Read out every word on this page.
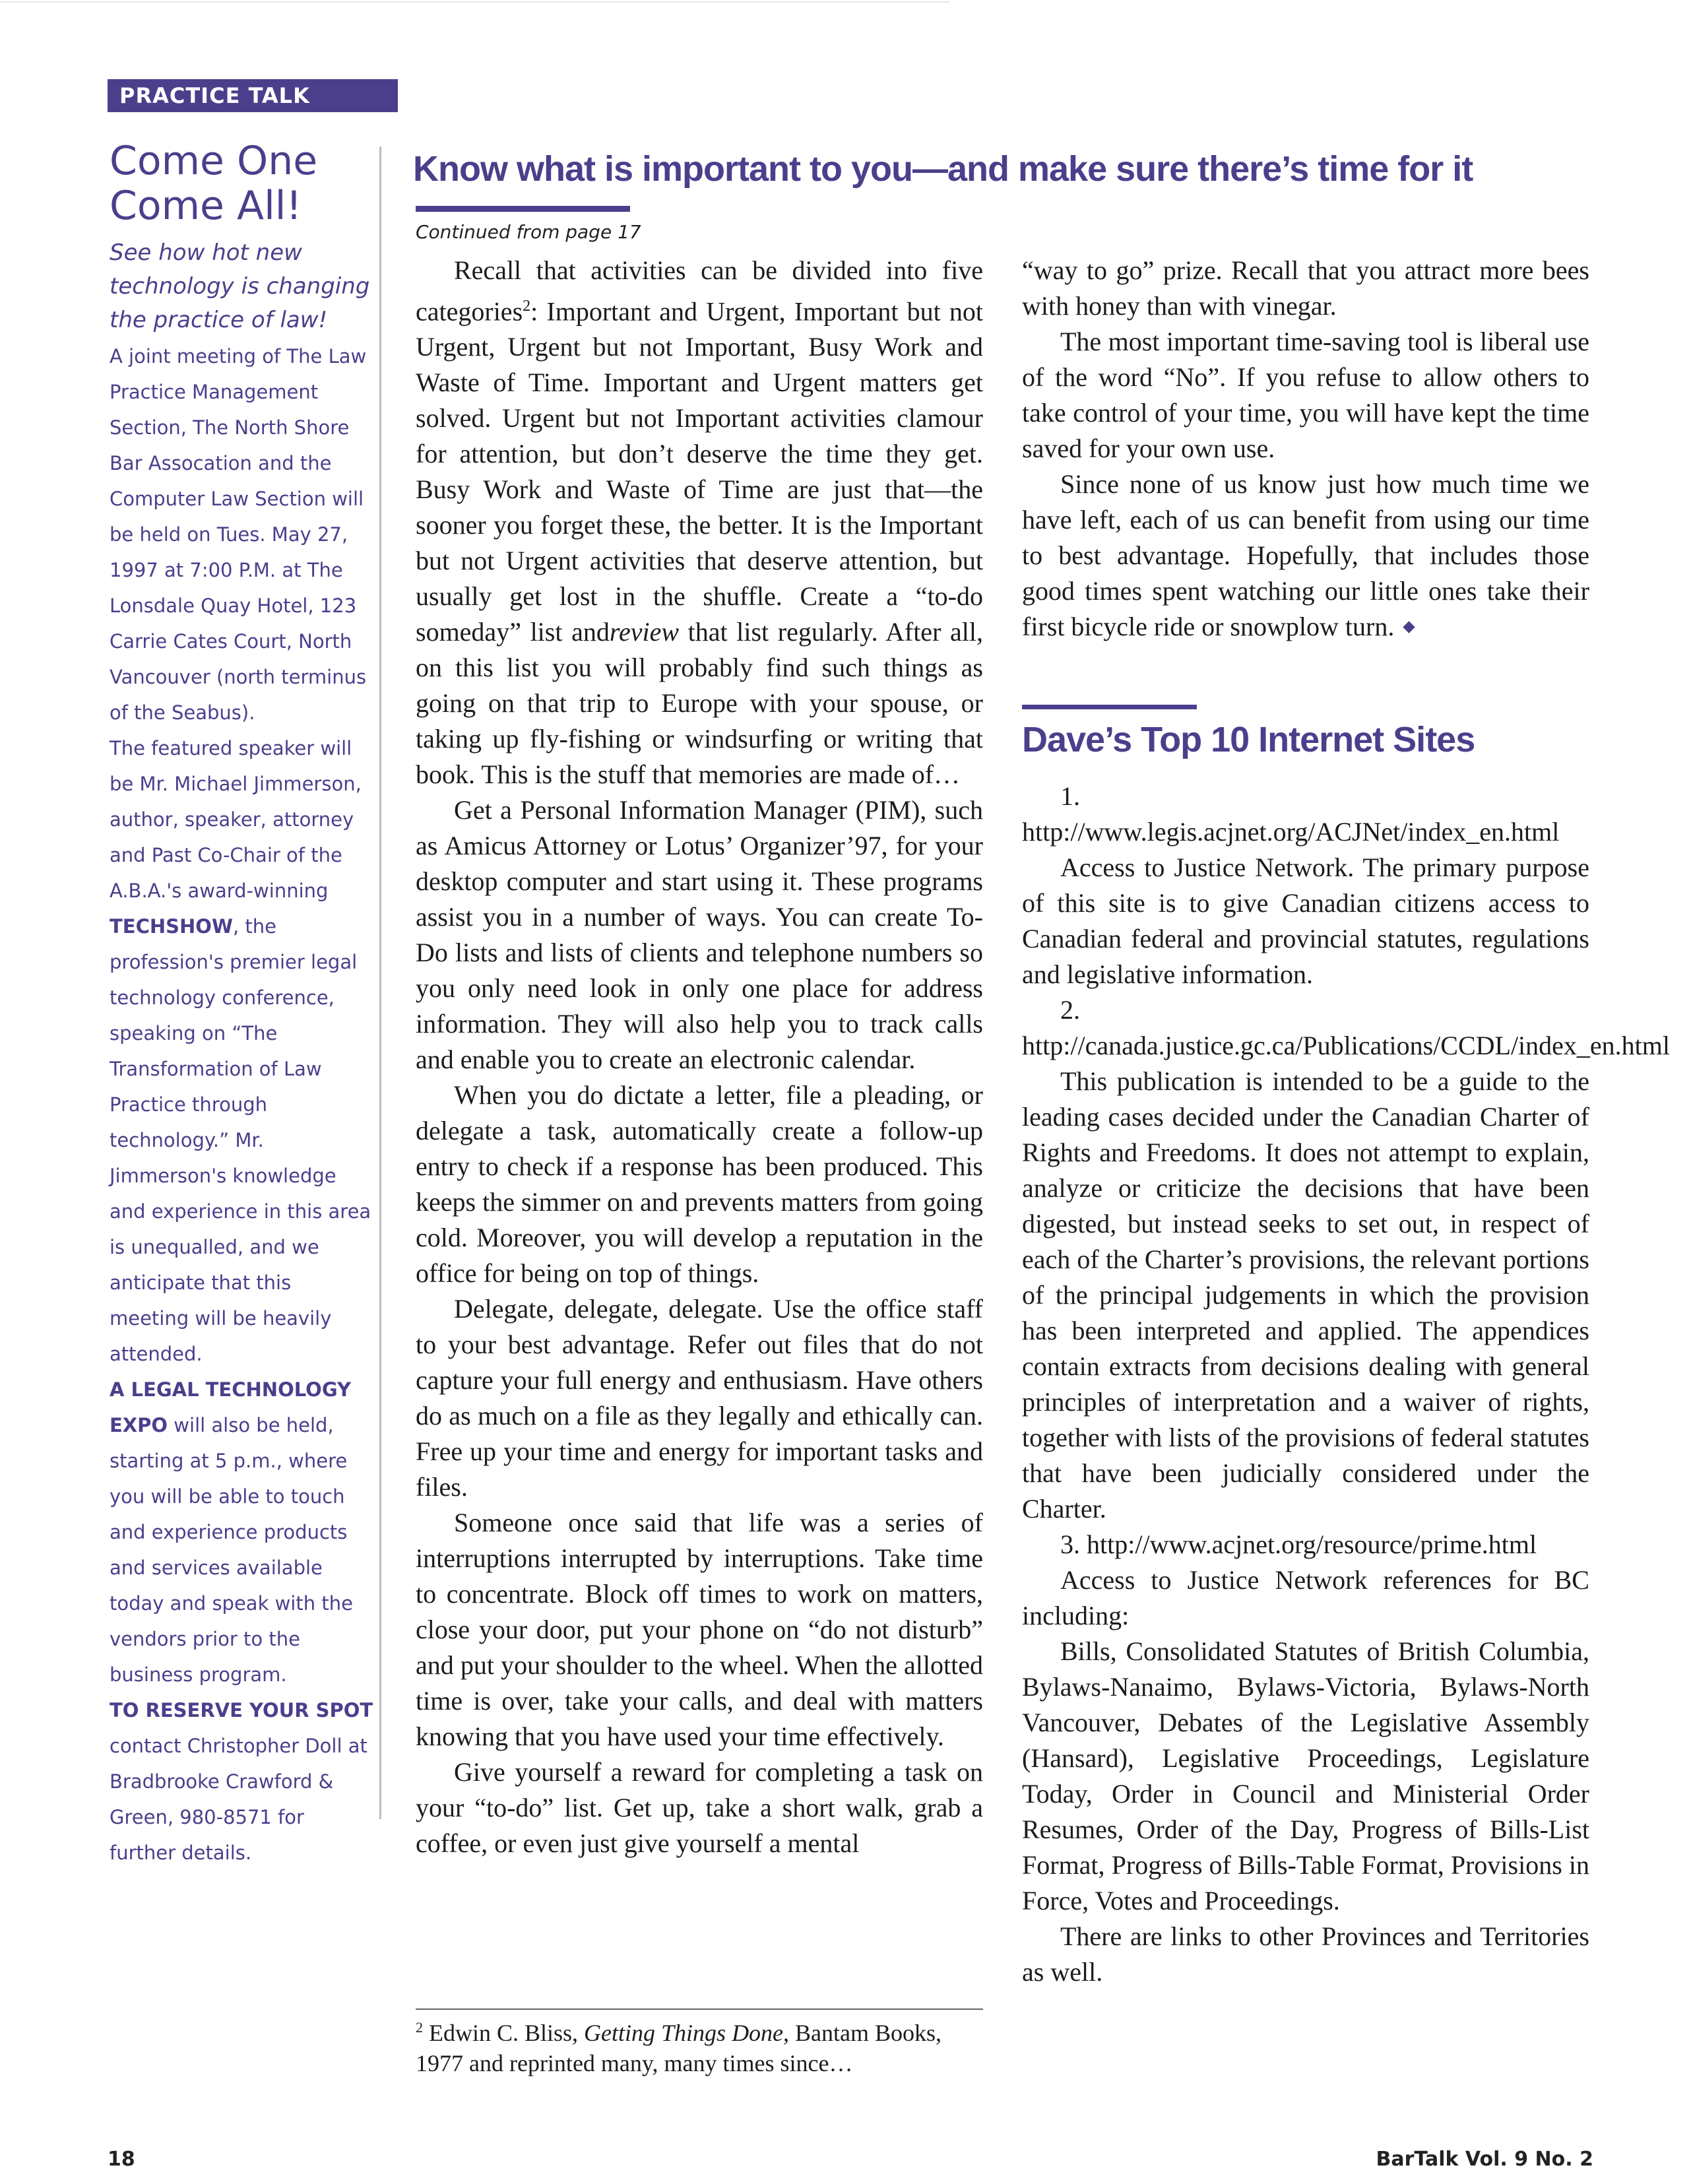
PRACTICE TALK
Come One
Come All!

See how hot new technology is changing the practice of law!

A joint meeting of The Law Practice Management Section, The North Shore Bar Assocation and the Computer Law Section will be held on Tues. May 27, 1997 at 7:00 P.M. at The Lonsdale Quay Hotel, 123 Carrie Cates Court, North Vancouver (north terminus of the Seabus).

The featured speaker will be Mr. Michael Jimmerson, author, speaker, attorney and Past Co-Chair of the A.B.A.'s award-winning TECHSHOW, the profession's premier legal technology conference, speaking on “The Transformation of Law Practice through technology.” Mr. Jimmerson's knowledge and experience in this area is unequalled, and we anticipate that this meeting will be heavily attended.

A LEGAL TECHNOLOGY EXPO will also be held, starting at 5 p.m., where you will be able to touch and experience products and services available today and speak with the vendors prior to the business program.

TO RESERVE YOUR SPOT contact Christopher Doll at Bradbrooke Crawford & Green, 980-8571 for further details.

Know what is important to you—and make sure there’s time for it
Continued from page 17

Recall that activities can be divided into five categories$^2$: Important and Urgent, Important but not Urgent, Urgent but not Important, Busy Work and Waste of Time. Important and Urgent matters get solved. Urgent but not Important activities clamour for attention, but don’t deserve the time they get. Busy Work and Waste of Time are just that—the sooner you forget these, the better. It is the Important but not Urgent activities that deserve attention, but usually get lost in the shuffle. Create a “to-do someday” list andreview that list regularly. After all, on this list you will probably find such things as going on that trip to Europe with your spouse, or taking up fly-fishing or windsurfing or writing that book. This is the stuff that memories are made of…

Get a Personal Information Manager (PIM), such as Amicus Attorney or Lotus’ Organizer’97, for your desktop computer and start using it. These programs assist you in a number of ways. You can create To-Do lists and lists of clients and telephone numbers so you only need look in only one place for address information. They will also help you to track calls and enable you to create an electronic calendar.

When you do dictate a letter, file a pleading, or delegate a task, automatically create a follow-up entry to check if a response has been produced. This keeps the simmer on and prevents matters from going cold. Moreover, you will develop a reputation in the office for being on top of things.

Delegate, delegate, delegate. Use the office staff to your best advantage. Refer out files that do not capture your full energy and enthusiasm. Have others do as much on a file as they legally and ethically can. Free up your time and energy for important tasks and files.

Someone once said that life was a series of interruptions interrupted by interruptions. Take time to concentrate. Block off times to work on matters, close your door, put your phone on “do not disturb” and put your shoulder to the wheel. When the allotted time is over, take your calls, and deal with matters knowing that you have used your time effectively.

Give yourself a reward for completing a task on your “to-do” list. Get up, take a short walk, grab a coffee, or even just give yourself a mental

“way to go” prize. Recall that you attract more bees with honey than with vinegar.

The most important time-saving tool is liberal use of the word “No”. If you refuse to allow others to take control of your time, you will have kept the time saved for your own use.

Since none of us know just how much time we have left, each of us can benefit from using our time to best advantage. Hopefully, that includes those good times spent watching our little ones take their first bicycle ride or snowplow turn.

Dave’s Top 10 Internet Sites

1. http://www.legis.acjnet.org/ACJNet/index_en.html

Access to Justice Network. The primary purpose of this site is to give Canadian citizens access to Canadian federal and provincial statutes, regulations and legislative information.

2. http://canada.justice.gc.ca/Publications/CCDL/index_en.html

This publication is intended to be a guide to the leading cases decided under the Canadian Charter of Rights and Freedoms. It does not attempt to explain, analyze or criticize the decisions that have been digested, but instead seeks to set out, in respect of each of the Charter’s provisions, the relevant portions of the principal judgements in which the provision has been interpreted and applied. The appendices contain extracts from decisions dealing with general principles of interpretation and a waiver of rights, together with lists of the provisions of federal statutes that have been judicially considered under the Charter.

3. http://www.acjnet.org/resource/prime.html

Access to Justice Network references for BC including:

Bills, Consolidated Statutes of British Columbia, Bylaws-Nanaimo, Bylaws-Victoria, Bylaws-North Vancouver, Debates of the Legislative Assembly (Hansard), Legislative Proceedings, Legislature Today, Order in Council and Ministerial Order Resumes, Order of the Day, Progress of Bills-List Format, Progress of Bills-Table Format, Provisions in Force, Votes and Proceedings.

There are links to other Provinces and Territories as well.

$^2$ Edwin C. Bliss, Getting Things Done, Bantam Books, 1977 and reprinted many, many times since…
18	BarTalk Vol. 9 No. 2
